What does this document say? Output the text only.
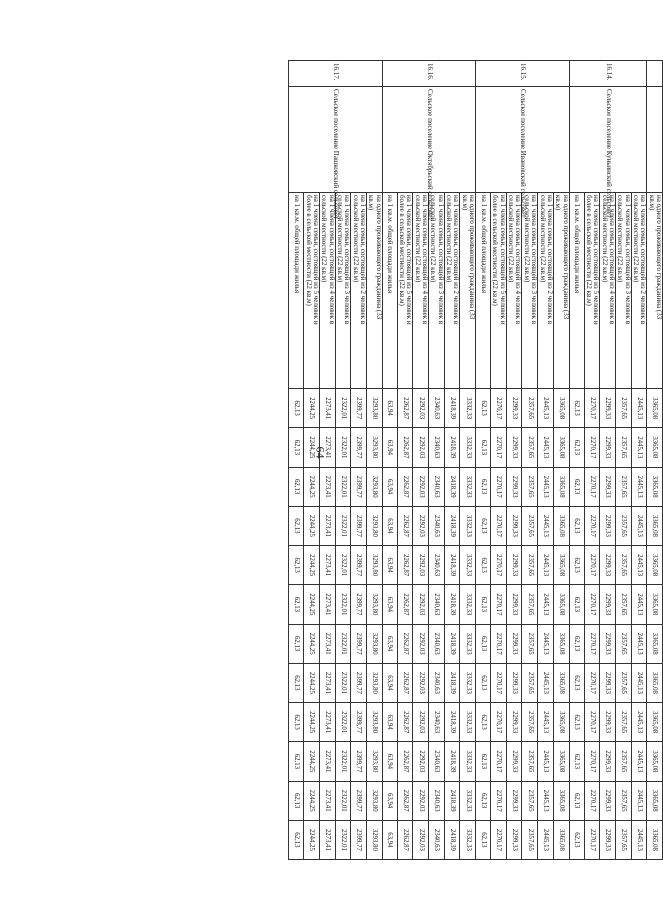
64

		на одного проживающего гражданина (33
кв.м)	3365,08	3365,08	3365,08	3365,08	3365,08	3365,08	3365,08	3365,08	3365,08	3365,08	3365,08	3365,08
16.14.	Сельское поселение Куньинский сельсовет	на 1 члена семьи, состоящей из 2 человек в
сельской местности (22 кв.м)	2445,13	2445,13	2445,13	2445,13	2445,13	2445,13	2445,13	2445,13	2445,13	2445,13	2445,13	2445,13

		на 1 члена семьи, состоящей из 3 человек в
сельской местности (22 кв.м)	2357,65	2357,65	2357,65	2357,65	2357,65	2357,65	2357,65	2357,65	2357,65	2357,65	2357,65	2357,65

		на 1 члена семьи, состоящей из 4 человек в
сельской местности (22 кв.м)	2299,33	2299,33	2299,33	2299,33	2299,33	2299,33	2299,33	2299,33	2299,33	2299,33	2299,33	2299,33

		на 1 члена семьи, состоящей из 5 человек и
более в сельской местности (22 кв.м)	2270,17	2270,17	2270,17	2270,17	2270,17	2270,17	2270,17	2270,17	2270,17	2270,17	2270,17	2270,17

		на 1 кв.м. общей площади жилья	62,13	62,13	62,13	62,13	62,13	62,13	62,13	62,13	62,13	62,13	62,13	62,13
16.15.	Сельское поселение Ивановский сельсовет	на одного проживающего гражданина (33
кв.м)	3365,08	3365,08	3365,08	3365,08	3365,08	3365,08	3365,08	3365,08	3365,08	3365,08	3365,08	3365,08

		на 1 члена семьи, состоящей из 2 человек в
сельской местности (22 кв.м)	2445,13	2445,13	2445,13	2445,13	2445,13	2445,13	2445,13	2445,13	2445,13	2445,13	2445,13	2445,13

		на 1 члена семьи, состоящей из 3 человек в
сельской местности (22 кв.м)	2357,65	2357,65	2357,65	2357,65	2357,65	2357,65	2357,65	2357,65	2357,65	2357,65	2357,65	2357,65

		на 1 члена семьи, состоящей из 4 человек в
сельской местности (22 кв.м)	2299,33	2299,33	2299,33	2299,33	2299,33	2299,33	2299,33	2299,33	2299,33	2299,33	2299,33	2299,33

		на 1 члена семьи, состоящей из 5 человек и
более в сельской местности (22 кв.м)	2270,17	2270,17	2270,17	2270,17	2270,17	2270,17	2270,17	2270,17	2270,17	2270,17	2270,17	2270,17

		на 1 кв.м. общей площади жилья	62,13	62,13	62,13	62,13	62,13	62,13	62,13	62,13	62,13	62,13	62,13	62,13
16.16.	Сельское поселение Октябрьский сельсовет	на одного проживающего гражданина (33
кв.м)	3332,33	3332,33	3332,33	3332,33	3332,33	3332,33	3332,33	3332,33	3332,33	3332,33	3332,33	3332,33

		на 1 члена семьи, состоящей из 2 человек в
сельской местности (22 кв.м)	2418,39	2418,39	2418,39	2418,39	2418,39	2418,39	2418,39	2418,39	2418,39	2418,39	2418,39	2418,39

		на 1 члена семьи, состоящей из 3 человек в
сельской местности (22 кв.м)	2340,63	2340,63	2340,63	2340,63	2340,63	2340,63	2340,63	2340,63	2340,63	2340,63	2340,63	2340,63

		на 1 члена семьи, состоящей из 4 человек в
сельской местности (22 кв.м)	2292,03	2292,03	2292,03	2292,03	2292,03	2292,03	2292,03	2292,03	2292,03	2292,03	2292,03	2292,03

		на 1 члена семьи, состоящей из 5 человек и
более в сельской местности (22 кв.м)	2262,87	2262,87	2262,87	2262,87	2262,87	2262,87	2262,87	2262,87	2262,87	2262,87	2262,87	2262,87

		на 1 кв.м. общей площади жилья	63,94	63,94	63,94	63,94	63,94	63,94	63,94	63,94	63,94	63,94	63,94	63,94
16.17.	Сельское поселение Пашковский сельсовет	на одного проживающего гражданина (33
кв.м)	3293,80	3293,80	3293,80	3293,80	3293,80	3293,80	3293,80	3293,80	3293,80	3293,80	3293,80	3293,80

		на 1 члена семьи, состоящей из 2 человек в
сельской местности (22 кв.м)	2399,77	2399,77	2399,77	2399,77	2399,77	2399,77	2399,77	2399,77	2399,77	2399,77	2399,77	2399,77

		на 1 члена семьи, состоящей из 3 человек в
сельской местности (22 кв.м)	2322,01	2322,01	2322,01	2322,01	2322,01	2322,01	2322,01	2322,01	2322,01	2322,01	2322,01	2322,01

		на 1 члена семьи, состоящей из 4 человек в
сельской местности (22 кв.м)	2273,41	2273,41	2273,41	2273,41	2273,41	2273,41	2273,41	2273,41	2273,41	2273,41	2273,41	2273,41

		на 1 члена семьи, состоящей из 5 человек и
более в сельской местности (22 кв.м)	2244,25	2244,25	2244,25	2244,25	2244,25	2244,25	2244,25	2244,25	2244,25	2244,25	2244,25	2244,25

		на 1 кв.м. общей площади жилья	62,13	62,13	62,13	62,13	62,13	62,13	62,13	62,13	62,13	62,13	62,13	62,13
